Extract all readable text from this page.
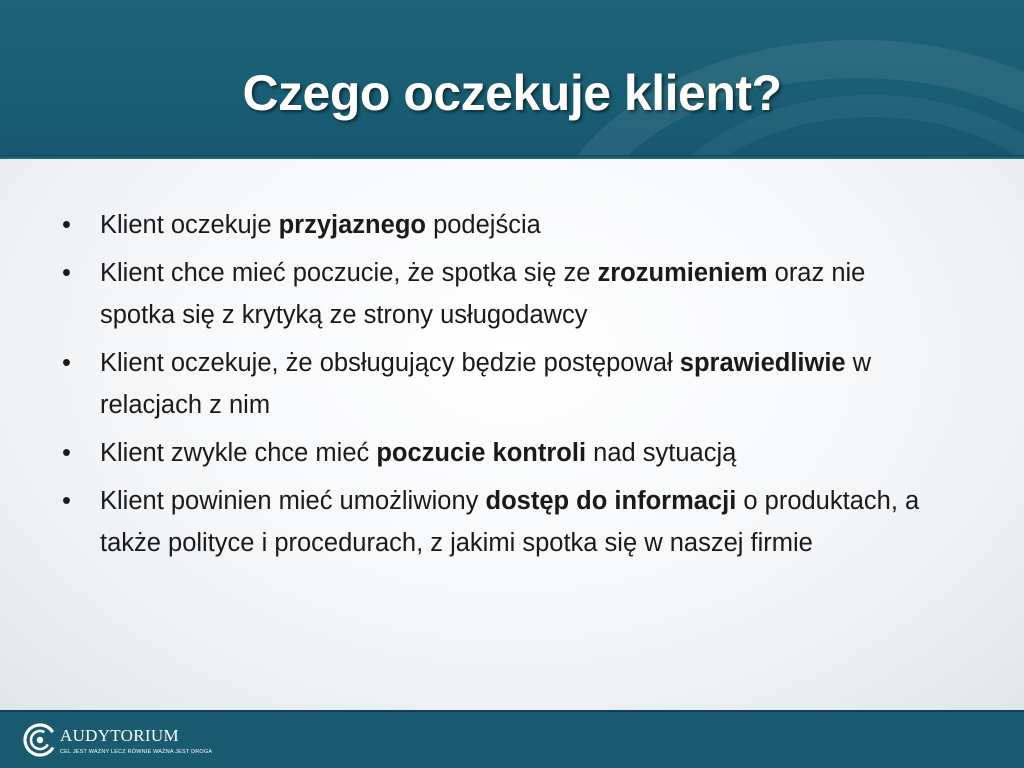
Czego oczekuje klient?
• Klient oczekuje przyjaznego podejścia
• Klient chce mieć poczucie, że spotka się ze zrozumieniem oraz nie spotka się z krytyką ze strony usługodawcy
• Klient oczekuje, że obsługujący będzie postępował sprawiedliwie w relacjach z nim
• Klient zwykle chce mieć poczucie kontroli nad sytuacją
• Klient powinien mieć umożliwiony dostęp do informacji o produktach, a także polityce i procedurach, z jakimi spotka się w naszej firmie
AUDYTORIUM
CEL JEST WAŻNY LECZ RÓWNIE WAŻNA JEST DROGA
